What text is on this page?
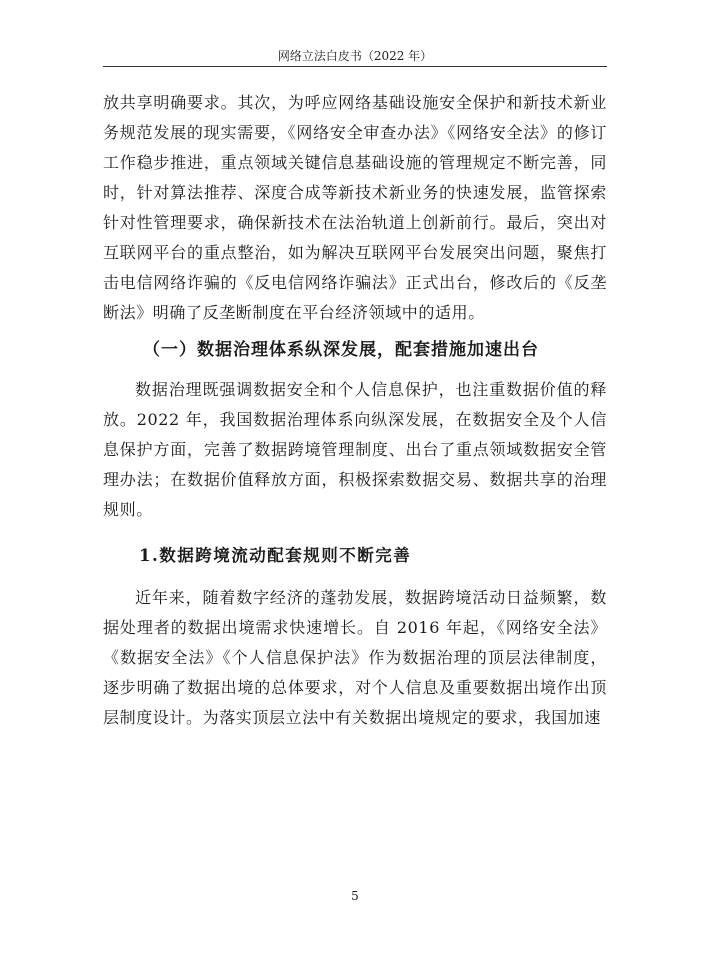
网络立法白皮书（2022 年）

放共享明确要求。其次，为呼应网络基础设施安全保护和新技术新业务规范发展的现实需要，《网络安全审查办法》《网络安全法》的修订工作稳步推进，重点领域关键信息基础设施的管理规定不断完善，同时，针对算法推荐、深度合成等新技术新业务的快速发展，监管探索针对性管理要求，确保新技术在法治轨道上创新前行。最后，突出对互联网平台的重点整治，如为解决互联网平台发展突出问题，聚焦打击电信网络诈骗的《反电信网络诈骗法》正式出台，修改后的《反垄断法》明确了反垄断制度在平台经济领域中的适用。

（一）数据治理体系纵深发展，配套措施加速出台

数据治理既强调数据安全和个人信息保护，也注重数据价值的释放。2022 年，我国数据治理体系向纵深发展，在数据安全及个人信息保护方面，完善了数据跨境管理制度、出台了重点领域数据安全管理办法；在数据价值释放方面，积极探索数据交易、数据共享的治理规则。

1.数据跨境流动配套规则不断完善

近年来，随着数字经济的蓬勃发展，数据跨境活动日益频繁，数据处理者的数据出境需求快速增长。自 2016 年起，《网络安全法》《数据安全法》《个人信息保护法》作为数据治理的顶层法律制度，逐步明确了数据出境的总体要求，对个人信息及重要数据出境作出顶层制度设计。为落实顶层立法中有关数据出境规定的要求，我国加速

5
